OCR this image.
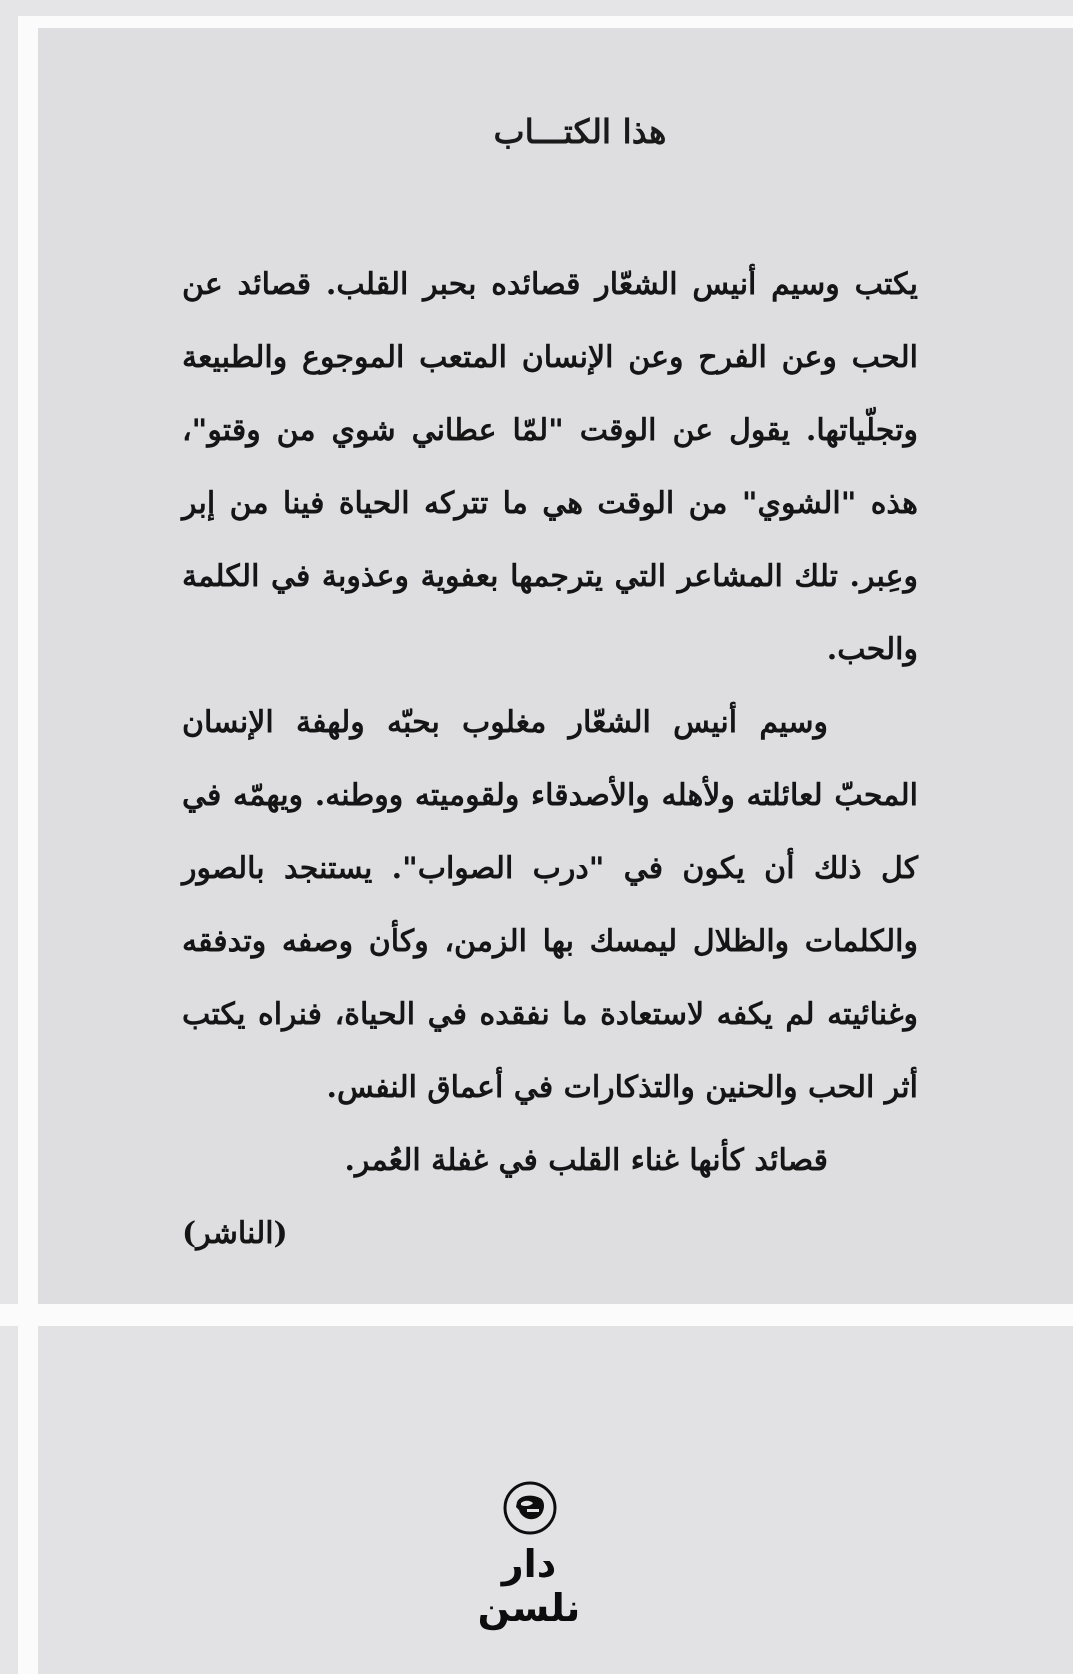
هذا الكتـــاب

يكتب وسيم أنيس الشعّار قصائده بحبر القلب. قصائد عن الحب وعن الفرح وعن الإنسان المتعب الموجوع والطبيعة وتجلّياتها. يقول عن الوقت "لمّا عطاني شوي من وقتو"، هذه "الشوي" من الوقت هي ما تتركه الحياة فينا من إبر وعِبر. تلك المشاعر التي يترجمها بعفوية وعذوبة في الكلمة والحب.

وسيم أنيس الشعّار مغلوب بحبّه ولهفة الإنسان المحبّ لعائلته ولأهله والأصدقاء ولقوميته ووطنه. ويهمّه في كل ذلك أن يكون في "درب الصواب". يستنجد بالصور والكلمات والظلال ليمسك بها الزمن، وكأن وصفه وتدفقه وغنائيته لم يكفه لاستعادة ما نفقده في الحياة، فنراه يكتب أثر الحب والحنين والتذكارات في أعماق النفس.

قصائد كأنها غناء القلب في غفلة العُمر.

(الناشر)

دار نلسن
